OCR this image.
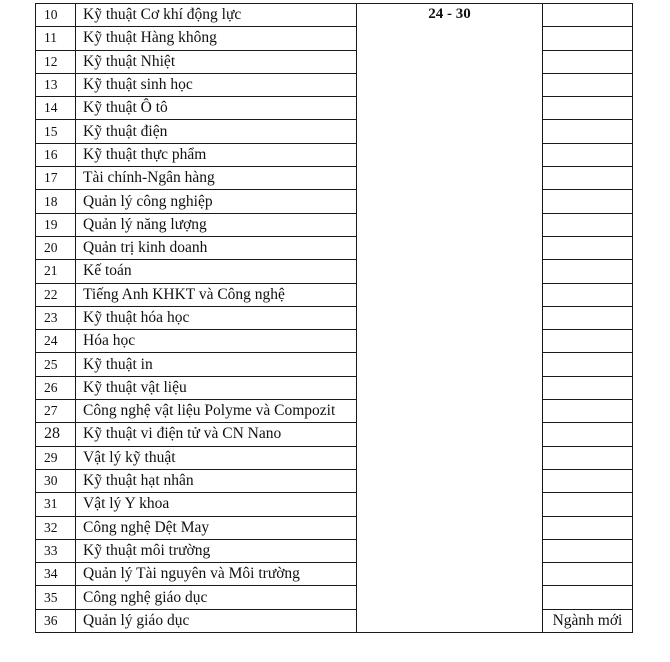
10	Kỹ thuật Cơ khí động lực	24 - 30	
11	Kỹ thuật Hàng không		
12	Kỹ thuật Nhiệt		
13	Kỹ thuật sinh học		
14	Kỹ thuật Ô tô		
15	Kỹ thuật điện		
16	Kỹ thuật thực phẩm		
17	Tài chính-Ngân hàng		
18	Quản lý công nghiệp		
19	Quản lý năng lượng		
20	Quản trị kinh doanh		
21	Kế toán		
22	Tiếng Anh KHKT và Công nghệ		
23	Kỹ thuật hóa học		
24	Hóa học		
25	Kỹ thuật in		
26	Kỹ thuật vật liệu		
27	Công nghệ vật liệu Polyme và Compozit		
28	Kỹ thuật vi điện tử và CN Nano		
29	Vật lý kỹ thuật		
30	Kỹ thuật hạt nhân		
31	Vật lý Y khoa		
32	Công nghệ Dệt May		
33	Kỹ thuật môi trường		
34	Quản lý Tài nguyên và Môi trường		
35	Công nghệ giáo dục		
36	Quản lý giáo dục		Ngành mới
